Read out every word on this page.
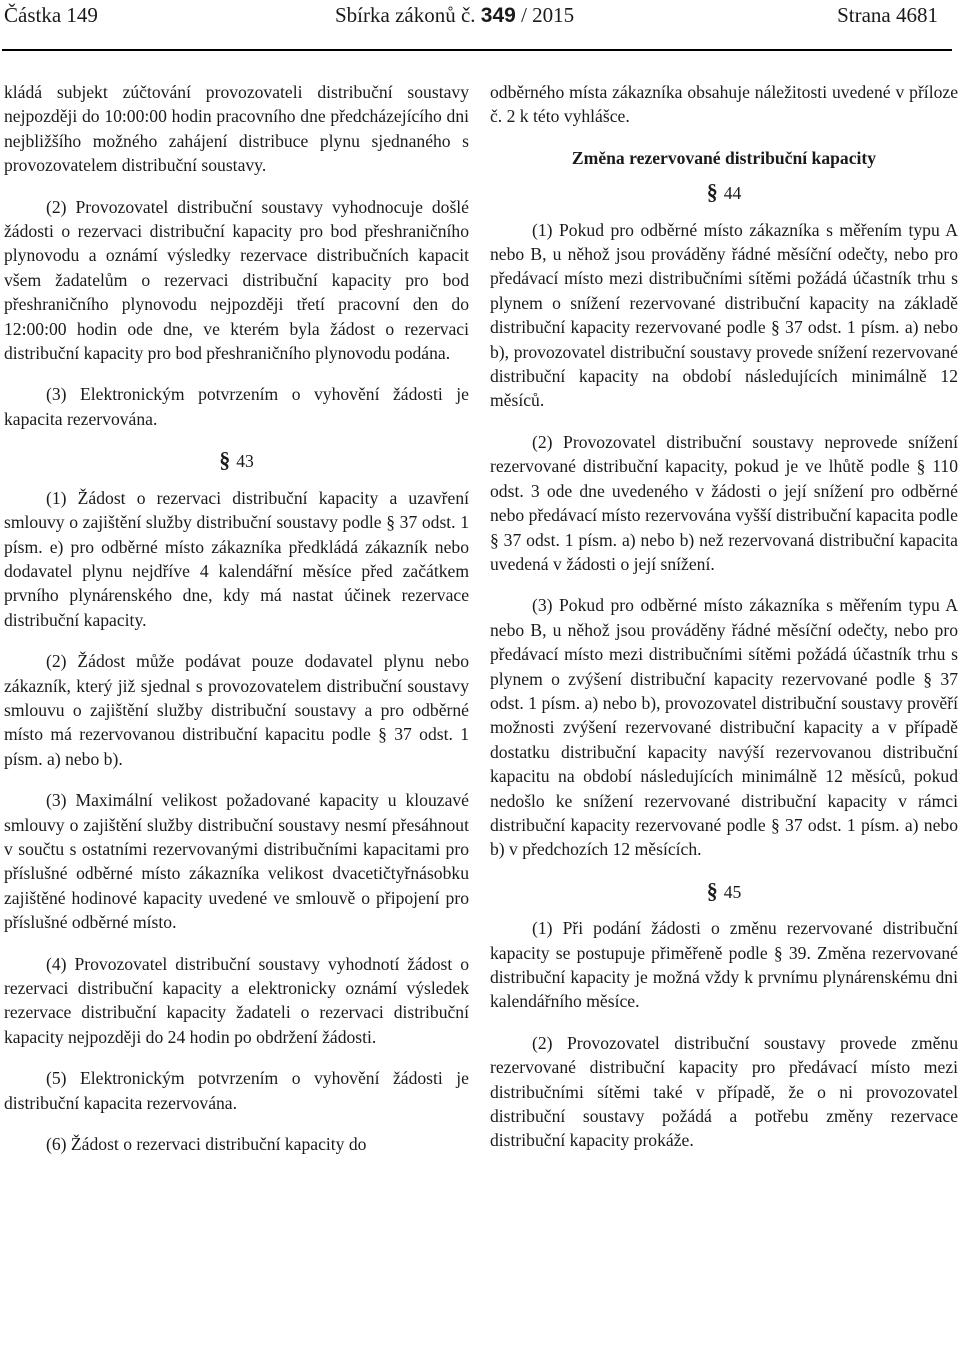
Částka 149	Sbírka zákonů č. 349 / 2015	Strana 4681

kládá subjekt zúčtování provozovateli distribuční soustavy nejpozději do 10:00:00 hodin pracovního dne předcházejícího dni nejbližšího možného zahájení distribuce plynu sjednaného s provozovatelem distribuční soustavy.

(2) Provozovatel distribuční soustavy vyhodnocuje došlé žádosti o rezervaci distribuční kapacity pro bod přeshraničního plynovodu a oznámí výsledky rezervace distribučních kapacit všem žadatelům o rezervaci distribuční kapacity pro bod přeshraničního plynovodu nejpozději třetí pracovní den do 12:00:00 hodin ode dne, ve kterém byla žádost o rezervaci distribuční kapacity pro bod přeshraničního plynovodu podána.

(3) Elektronickým potvrzením o vyhovění žádosti je kapacita rezervována.

§ 43

(1) Žádost o rezervaci distribuční kapacity a uzavření smlouvy o zajištění služby distribuční soustavy podle § 37 odst. 1 písm. e) pro odběrné místo zákazníka předkládá zákazník nebo dodavatel plynu nejdříve 4 kalendářní měsíce před začátkem prvního plynárenského dne, kdy má nastat účinek rezervace distribuční kapacity.

(2) Žádost může podávat pouze dodavatel plynu nebo zákazník, který již sjednal s provozovatelem distribuční soustavy smlouvu o zajištění služby distribuční soustavy a pro odběrné místo má rezervovanou distribuční kapacitu podle § 37 odst. 1 písm. a) nebo b).

(3) Maximální velikost požadované kapacity u klouzavé smlouvy o zajištění služby distribuční soustavy nesmí přesáhnout v součtu s ostatními rezervovanými distribučními kapacitami pro příslušné odběrné místo zákazníka velikost dvacetičtyřnásobku zajištěné hodinové kapacity uvedené ve smlouvě o připojení pro příslušné odběrné místo.

(4) Provozovatel distribuční soustavy vyhodnotí žádost o rezervaci distribuční kapacity a elektronicky oznámí výsledek rezervace distribuční kapacity žadateli o rezervaci distribuční kapacity nejpozději do 24 hodin po obdržení žádosti.

(5) Elektronickým potvrzením o vyhovění žádosti je distribuční kapacita rezervována.

(6) Žádost o rezervaci distribuční kapacity do

odběrného místa zákazníka obsahuje náležitosti uvedené v příloze č. 2 k této vyhlášce.

Změna rezervované distribuční kapacity
§ 44

(1) Pokud pro odběrné místo zákazníka s měřením typu A nebo B, u něhož jsou prováděny řádné měsíční odečty, nebo pro předávací místo mezi distribučními sítěmi požádá účastník trhu s plynem o snížení rezervované distribuční kapacity na základě distribuční kapacity rezervované podle § 37 odst. 1 písm. a) nebo b), provozovatel distribuční soustavy provede snížení rezervované distribuční kapacity na období následujících minimálně 12 měsíců.

(2) Provozovatel distribuční soustavy neprovede snížení rezervované distribuční kapacity, pokud je ve lhůtě podle § 110 odst. 3 ode dne uvedeného v žádosti o její snížení pro odběrné nebo předávací místo rezervována vyšší distribuční kapacita podle § 37 odst. 1 písm. a) nebo b) než rezervovaná distribuční kapacita uvedená v žádosti o její snížení.

(3) Pokud pro odběrné místo zákazníka s měřením typu A nebo B, u něhož jsou prováděny řádné měsíční odečty, nebo pro předávací místo mezi distribučními sítěmi požádá účastník trhu s plynem o zvýšení distribuční kapacity rezervované podle § 37 odst. 1 písm. a) nebo b), provozovatel distribuční soustavy prověří možnosti zvýšení rezervované distribuční kapacity a v případě dostatku distribuční kapacity navýší rezervovanou distribuční kapacitu na období následujících minimálně 12 měsíců, pokud nedošlo ke snížení rezervované distribuční kapacity v rámci distribuční kapacity rezervované podle § 37 odst. 1 písm. a) nebo b) v předchozích 12 měsících.

§ 45

(1) Při podání žádosti o změnu rezervované distribuční kapacity se postupuje přiměřeně podle § 39. Změna rezervované distribuční kapacity je možná vždy k prvnímu plynárenskému dni kalendářního měsíce.

(2) Provozovatel distribuční soustavy provede změnu rezervované distribuční kapacity pro předávací místo mezi distribučními sítěmi také v případě, že o ni provozovatel distribuční soustavy požádá a potřebu změny rezervace distribuční kapacity prokáže.
